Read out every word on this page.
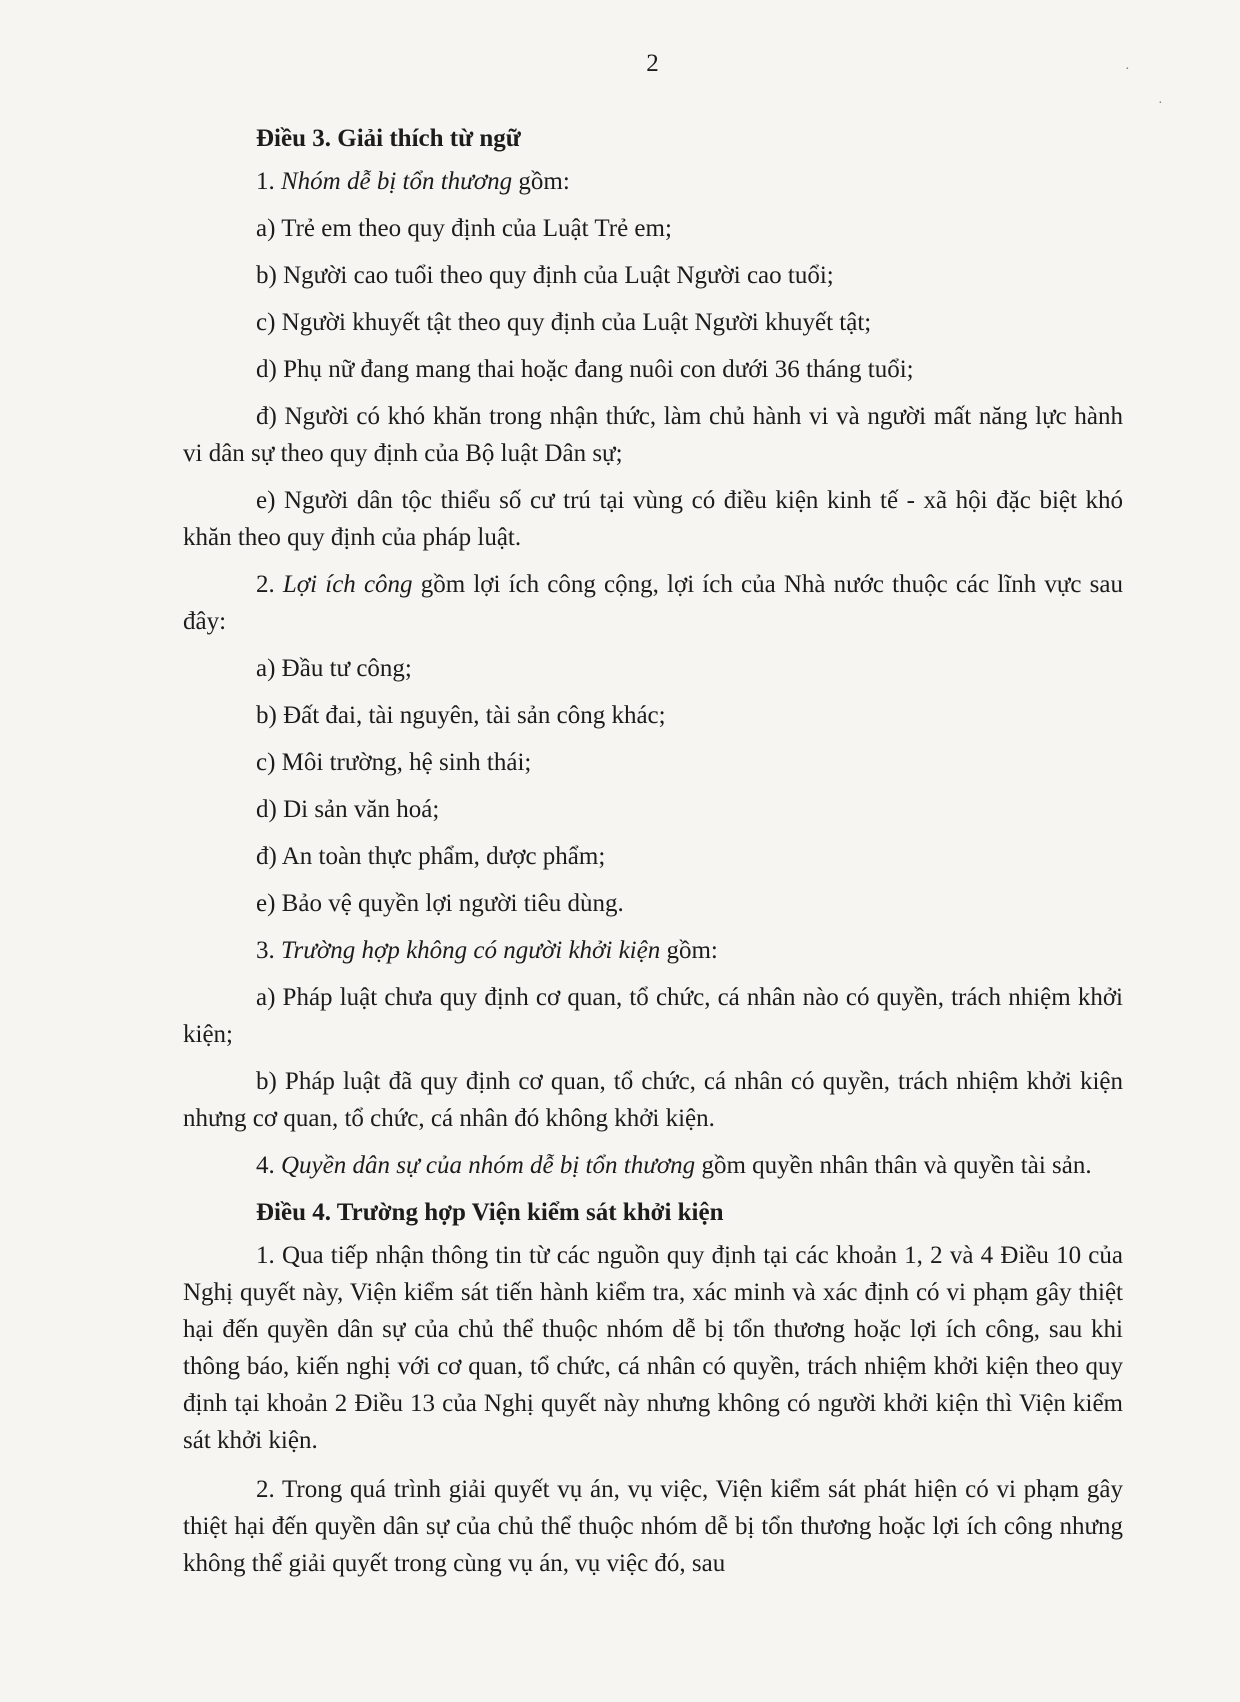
·
·
2

Điều 3. Giải thích từ ngữ

1. Nhóm dễ bị tổn thương gồm:

a) Trẻ em theo quy định của Luật Trẻ em;

b) Người cao tuổi theo quy định của Luật Người cao tuổi;

c) Người khuyết tật theo quy định của Luật Người khuyết tật;

d) Phụ nữ đang mang thai hoặc đang nuôi con dưới 36 tháng tuổi;

đ) Người có khó khăn trong nhận thức, làm chủ hành vi và người mất năng lực hành vi dân sự theo quy định của Bộ luật Dân sự;

e) Người dân tộc thiểu số cư trú tại vùng có điều kiện kinh tế - xã hội đặc biệt khó khăn theo quy định của pháp luật.

2. Lợi ích công gồm lợi ích công cộng, lợi ích của Nhà nước thuộc các lĩnh vực sau đây:

a) Đầu tư công;

b) Đất đai, tài nguyên, tài sản công khác;

c) Môi trường, hệ sinh thái;

d) Di sản văn hoá;

đ) An toàn thực phẩm, dược phẩm;

e) Bảo vệ quyền lợi người tiêu dùng.

3. Trường hợp không có người khởi kiện gồm:

a) Pháp luật chưa quy định cơ quan, tổ chức, cá nhân nào có quyền, trách nhiệm khởi kiện;

b) Pháp luật đã quy định cơ quan, tổ chức, cá nhân có quyền, trách nhiệm khởi kiện nhưng cơ quan, tổ chức, cá nhân đó không khởi kiện.

4. Quyền dân sự của nhóm dễ bị tổn thương gồm quyền nhân thân và quyền tài sản.

Điều 4. Trường hợp Viện kiểm sát khởi kiện

1. Qua tiếp nhận thông tin từ các nguồn quy định tại các khoản 1, 2 và 4 Điều 10 của Nghị quyết này, Viện kiểm sát tiến hành kiểm tra, xác minh và xác định có vi phạm gây thiệt hại đến quyền dân sự của chủ thể thuộc nhóm dễ bị tổn thương hoặc lợi ích công, sau khi thông báo, kiến nghị với cơ quan, tổ chức, cá nhân có quyền, trách nhiệm khởi kiện theo quy định tại khoản 2 Điều 13 của Nghị quyết này nhưng không có người khởi kiện thì Viện kiểm sát khởi kiện.

2. Trong quá trình giải quyết vụ án, vụ việc, Viện kiểm sát phát hiện có vi phạm gây thiệt hại đến quyền dân sự của chủ thể thuộc nhóm dễ bị tổn thương hoặc lợi ích công nhưng không thể giải quyết trong cùng vụ án, vụ việc đó, sau
